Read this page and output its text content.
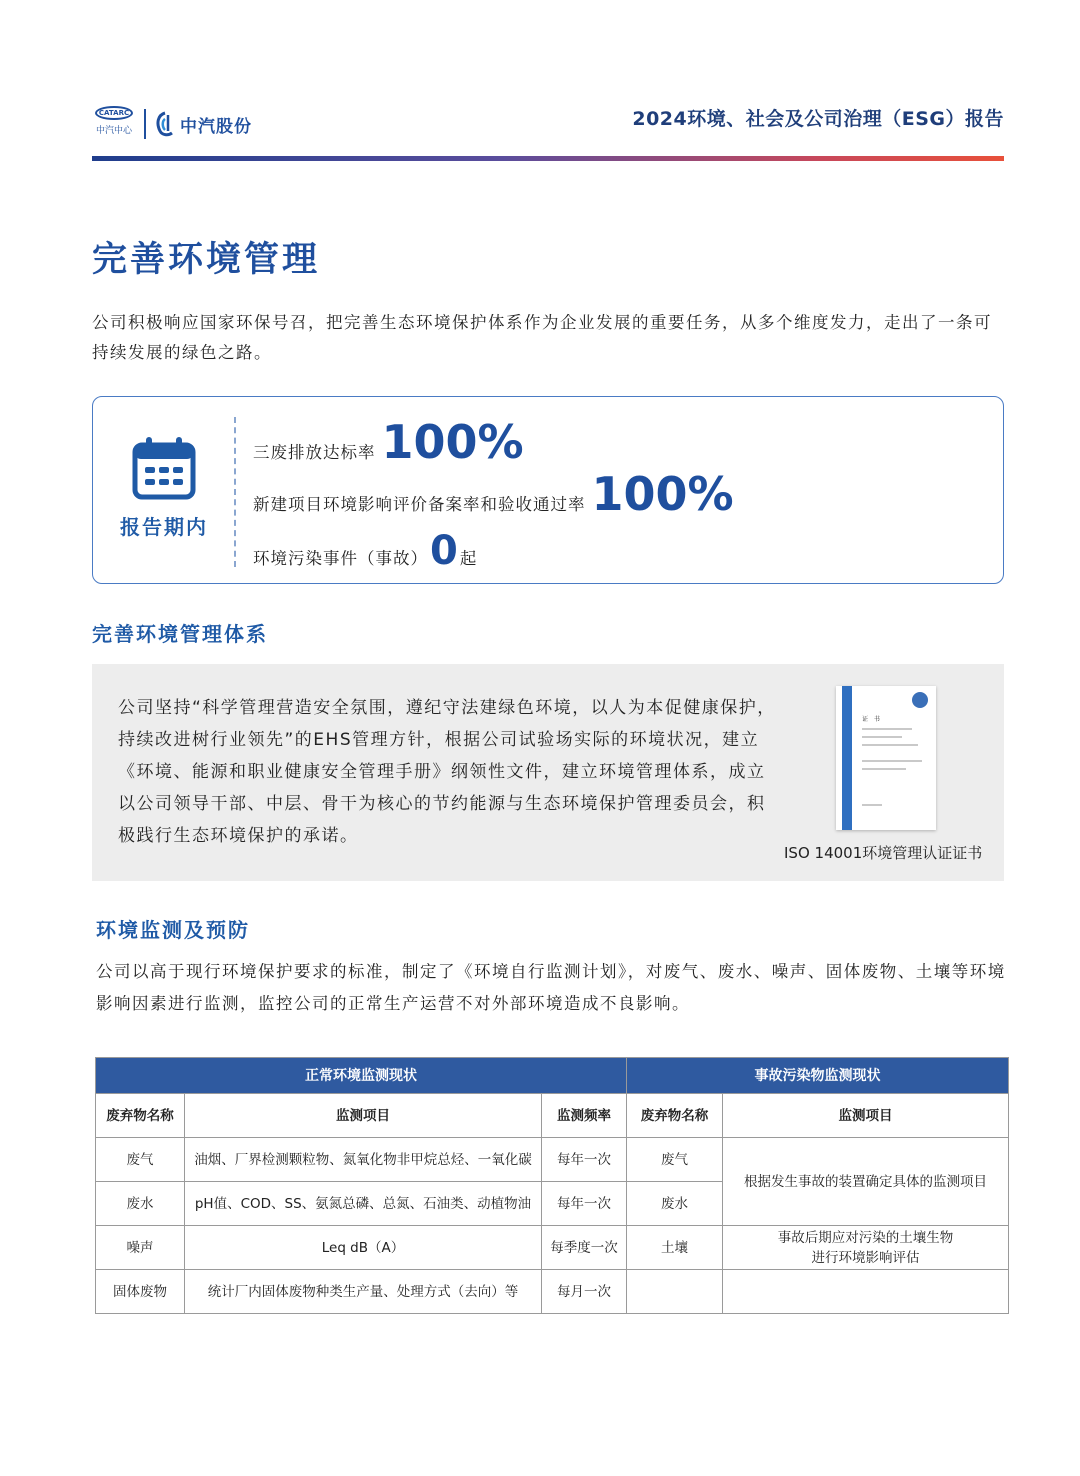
CATARC
中汽中心	中汽股份	2024环境、社会及公司治理（ESG）报告
完善环境管理

公司积极响应国家环保号召，把完善生态环境保护体系作为企业发展的重要任务，从多个维度发力，走出了一条可持续发展的绿色之路。

报告期内
三废排放达标率 100%
新建项目环境影响评价备案率和验收通过率 100%
环境污染事件（事故） 0 起
完善环境管理体系

公司坚持“科学管理营造安全氛围，遵纪守法建绿色环境，以人为本促健康保护，持续改进树行业领先”的EHS管理方针，根据公司试验场实际的环境状况，建立《环境、能源和职业健康安全管理手册》纲领性文件，建立环境管理体系，成立以公司领导干部、中层、骨干为核心的节约能源与生态环境保护管理委员会，积极践行生态环境保护的承诺。

证 书
ISO 14001环境管理认证证书
环境监测及预防

公司以高于现行环境保护要求的标准，制定了《环境自行监测计划》，对废气、废水、噪声、固体废物、土壤等环境影响因素进行监测，监控公司的正常生产运营不对外部环境造成不良影响。

正常环境监测现状			事故污染物监测现状	
废弃物名称	监测项目	监测频率	废弃物名称	监测项目
废气	油烟、厂界检测颗粒物、氮氧化物非甲烷总烃、一氧化碳	每年一次	废气	根据发生事故的装置确定具体的监测项目
废水	pH值、COD、SS、氨氮总磷、总氮、石油类、动植物油	每年一次	废水	
噪声	Leq dB（A）	每季度一次	土壤	事故后期应对污染的土壤生物
进行环境影响评估
固体废物	统计厂内固体废物种类生产量、处理方式（去向）等	每月一次		
